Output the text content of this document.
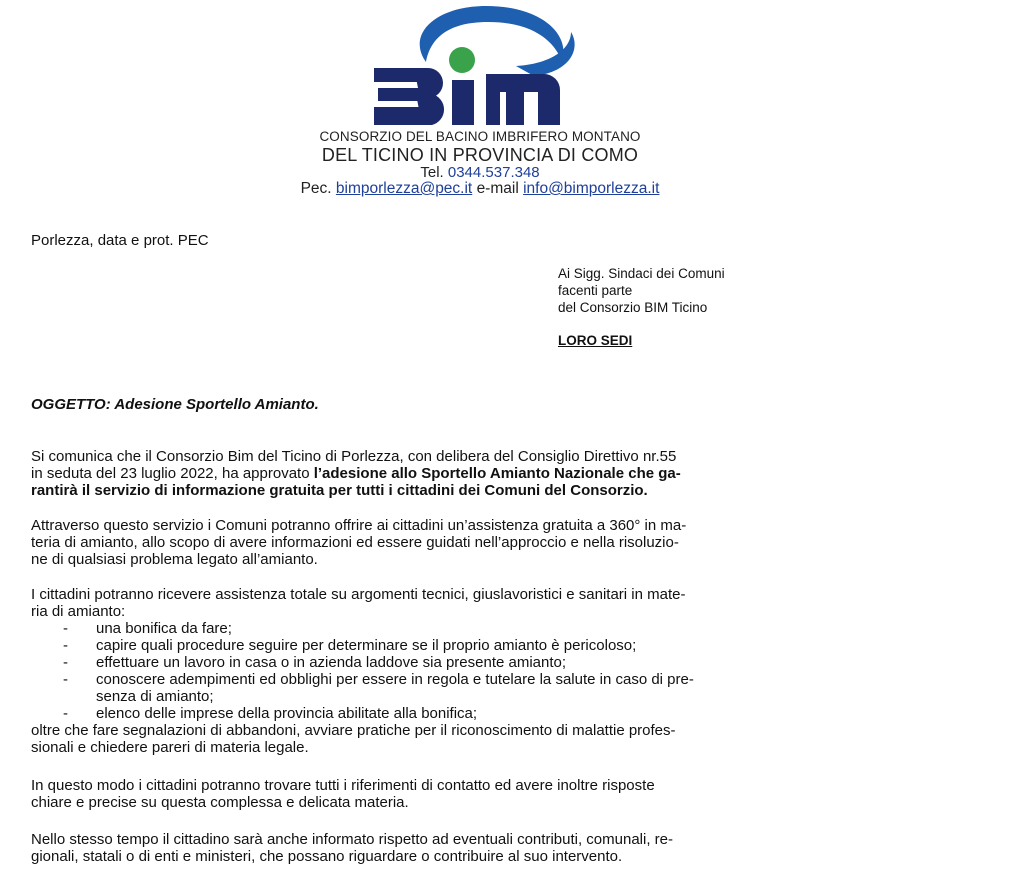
CONSORZIO DEL BACINO IMBRIFERO MONTANO
DEL TICINO IN PROVINCIA DI COMO
Tel. 0344.537.348
Pec. bimporlezza@pec.it e-mail info@bimporlezza.it
Porlezza, data e prot. PEC
Ai Sigg. Sindaci dei Comuni
facenti parte
del Consorzio BIM Ticino
LORO SEDI
OGGETTO: Adesione Sportello Amianto.
Si comunica che il Consorzio Bim del Ticino di Porlezza, con delibera del Consiglio Direttivo nr.55
in seduta del 23 luglio 2022, ha approvato l’adesione allo Sportello Amianto Nazionale che ga-
rantirà il servizio di informazione gratuita per tutti i cittadini dei Comuni del Consorzio.
Attraverso questo servizio i Comuni potranno offrire ai cittadini un’assistenza gratuita a 360° in ma-
teria di amianto, allo scopo di avere informazioni ed essere guidati nell’approccio e nella risoluzio-
ne di qualsiasi problema legato all’amianto.
I cittadini potranno ricevere assistenza totale su argomenti tecnici, giuslavoristici e sanitari in mate-
ria di amianto:
- una bonifica da fare;
- capire quali procedure seguire per determinare se il proprio amianto è pericoloso;
- effettuare un lavoro in casa o in azienda laddove sia presente amianto;
- conoscere adempimenti ed obblighi per essere in regola e tutelare la salute in caso di pre-
senza di amianto;
- elenco delle imprese della provincia abilitate alla bonifica;
oltre che fare segnalazioni di abbandoni, avviare pratiche per il riconoscimento di malattie profes-
sionali e chiedere pareri di materia legale.
In questo modo i cittadini potranno trovare tutti i riferimenti di contatto ed avere inoltre risposte
chiare e precise su questa complessa e delicata materia.
Nello stesso tempo il cittadino sarà anche informato rispetto ad eventuali contributi, comunali, re-
gionali, statali o di enti e ministeri, che possano riguardare o contribuire al suo intervento.
